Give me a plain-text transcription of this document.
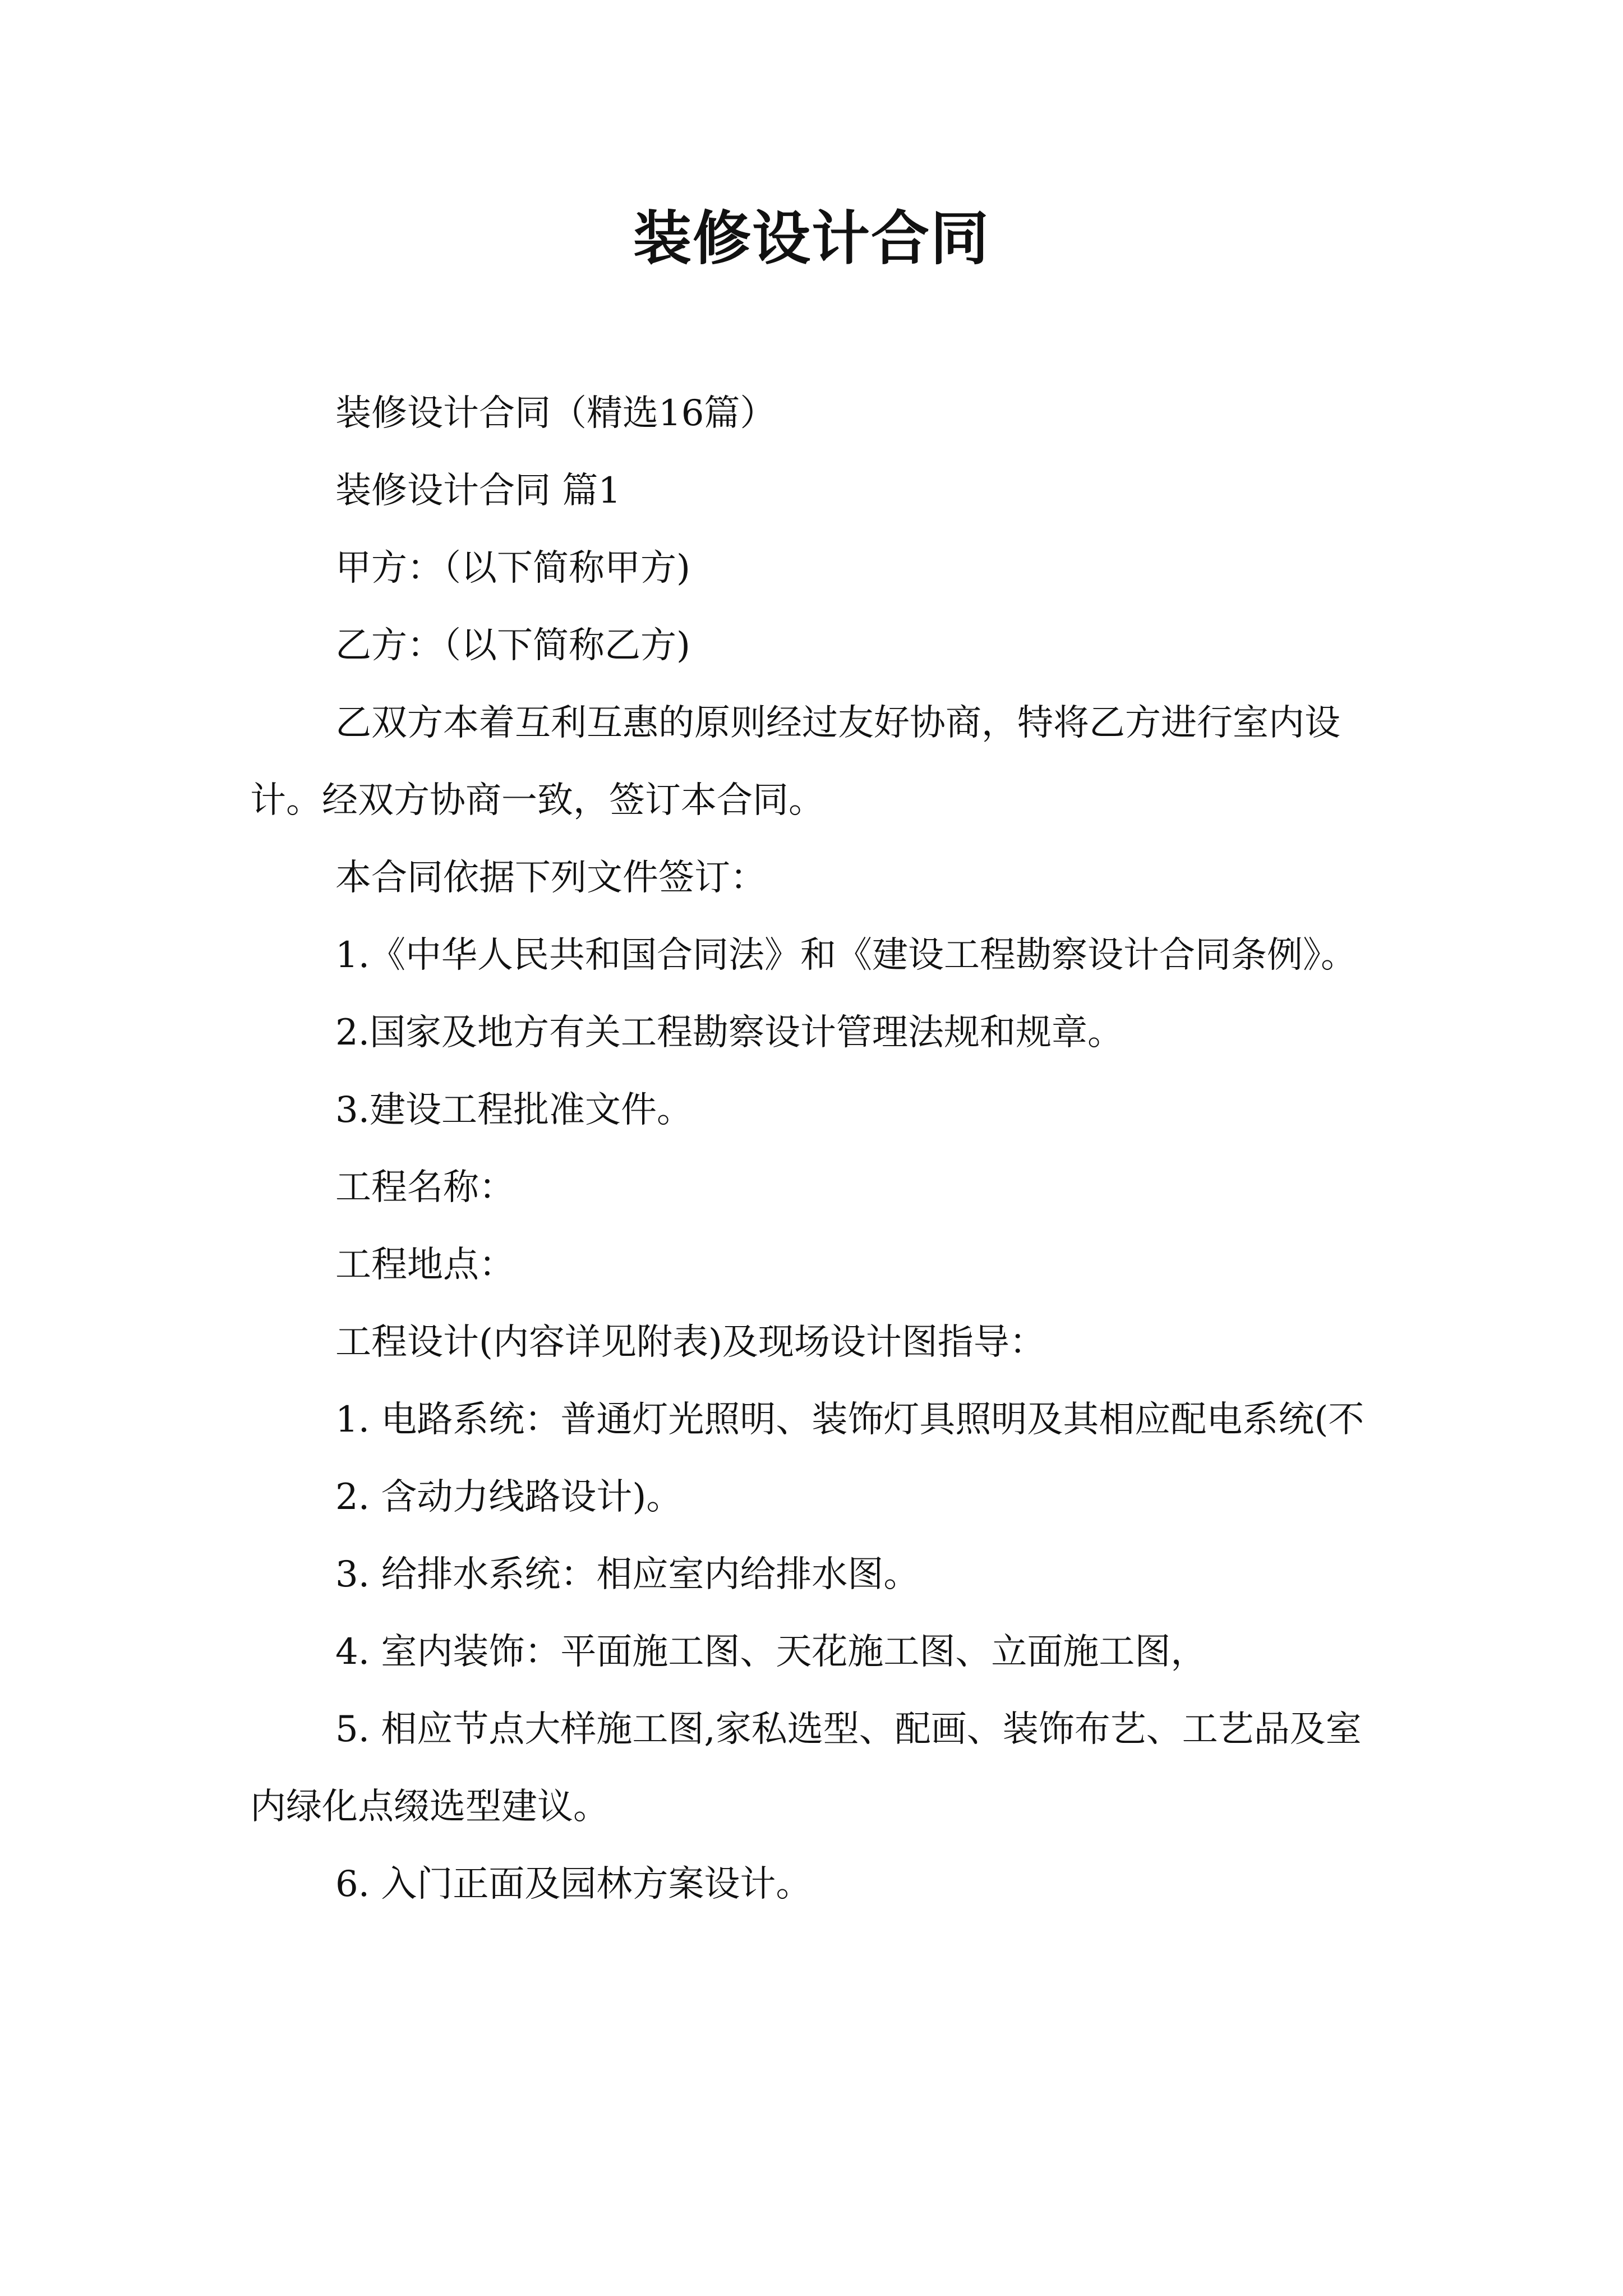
装修设计合同

装修设计合同（精选16篇）

装修设计合同 篇1

甲方：（以下简称甲方)

乙方：（以下简称乙方)

乙双方本着互利互惠的原则经过友好协商，特将乙方进行室内设计。经双方协商一致，签订本合同。

本合同依据下列文件签订：

1.《中华人民共和国合同法》和《建设工程勘察设计合同条例》。

2.国家及地方有关工程勘察设计管理法规和规章。

3.建设工程批准文件。

工程名称：

工程地点：

工程设计(内容详见附表)及现场设计图指导：

1. 电路系统：普通灯光照明、装饰灯具照明及其相应配电系统(不

2. 含动力线路设计)。

3. 给排水系统：相应室内给排水图。

4. 室内装饰：平面施工图、天花施工图、立面施工图，

5. 相应节点大样施工图,家私选型、配画、装饰布艺、工艺品及室内绿化点缀选型建议。

6. 入门正面及园林方案设计。
